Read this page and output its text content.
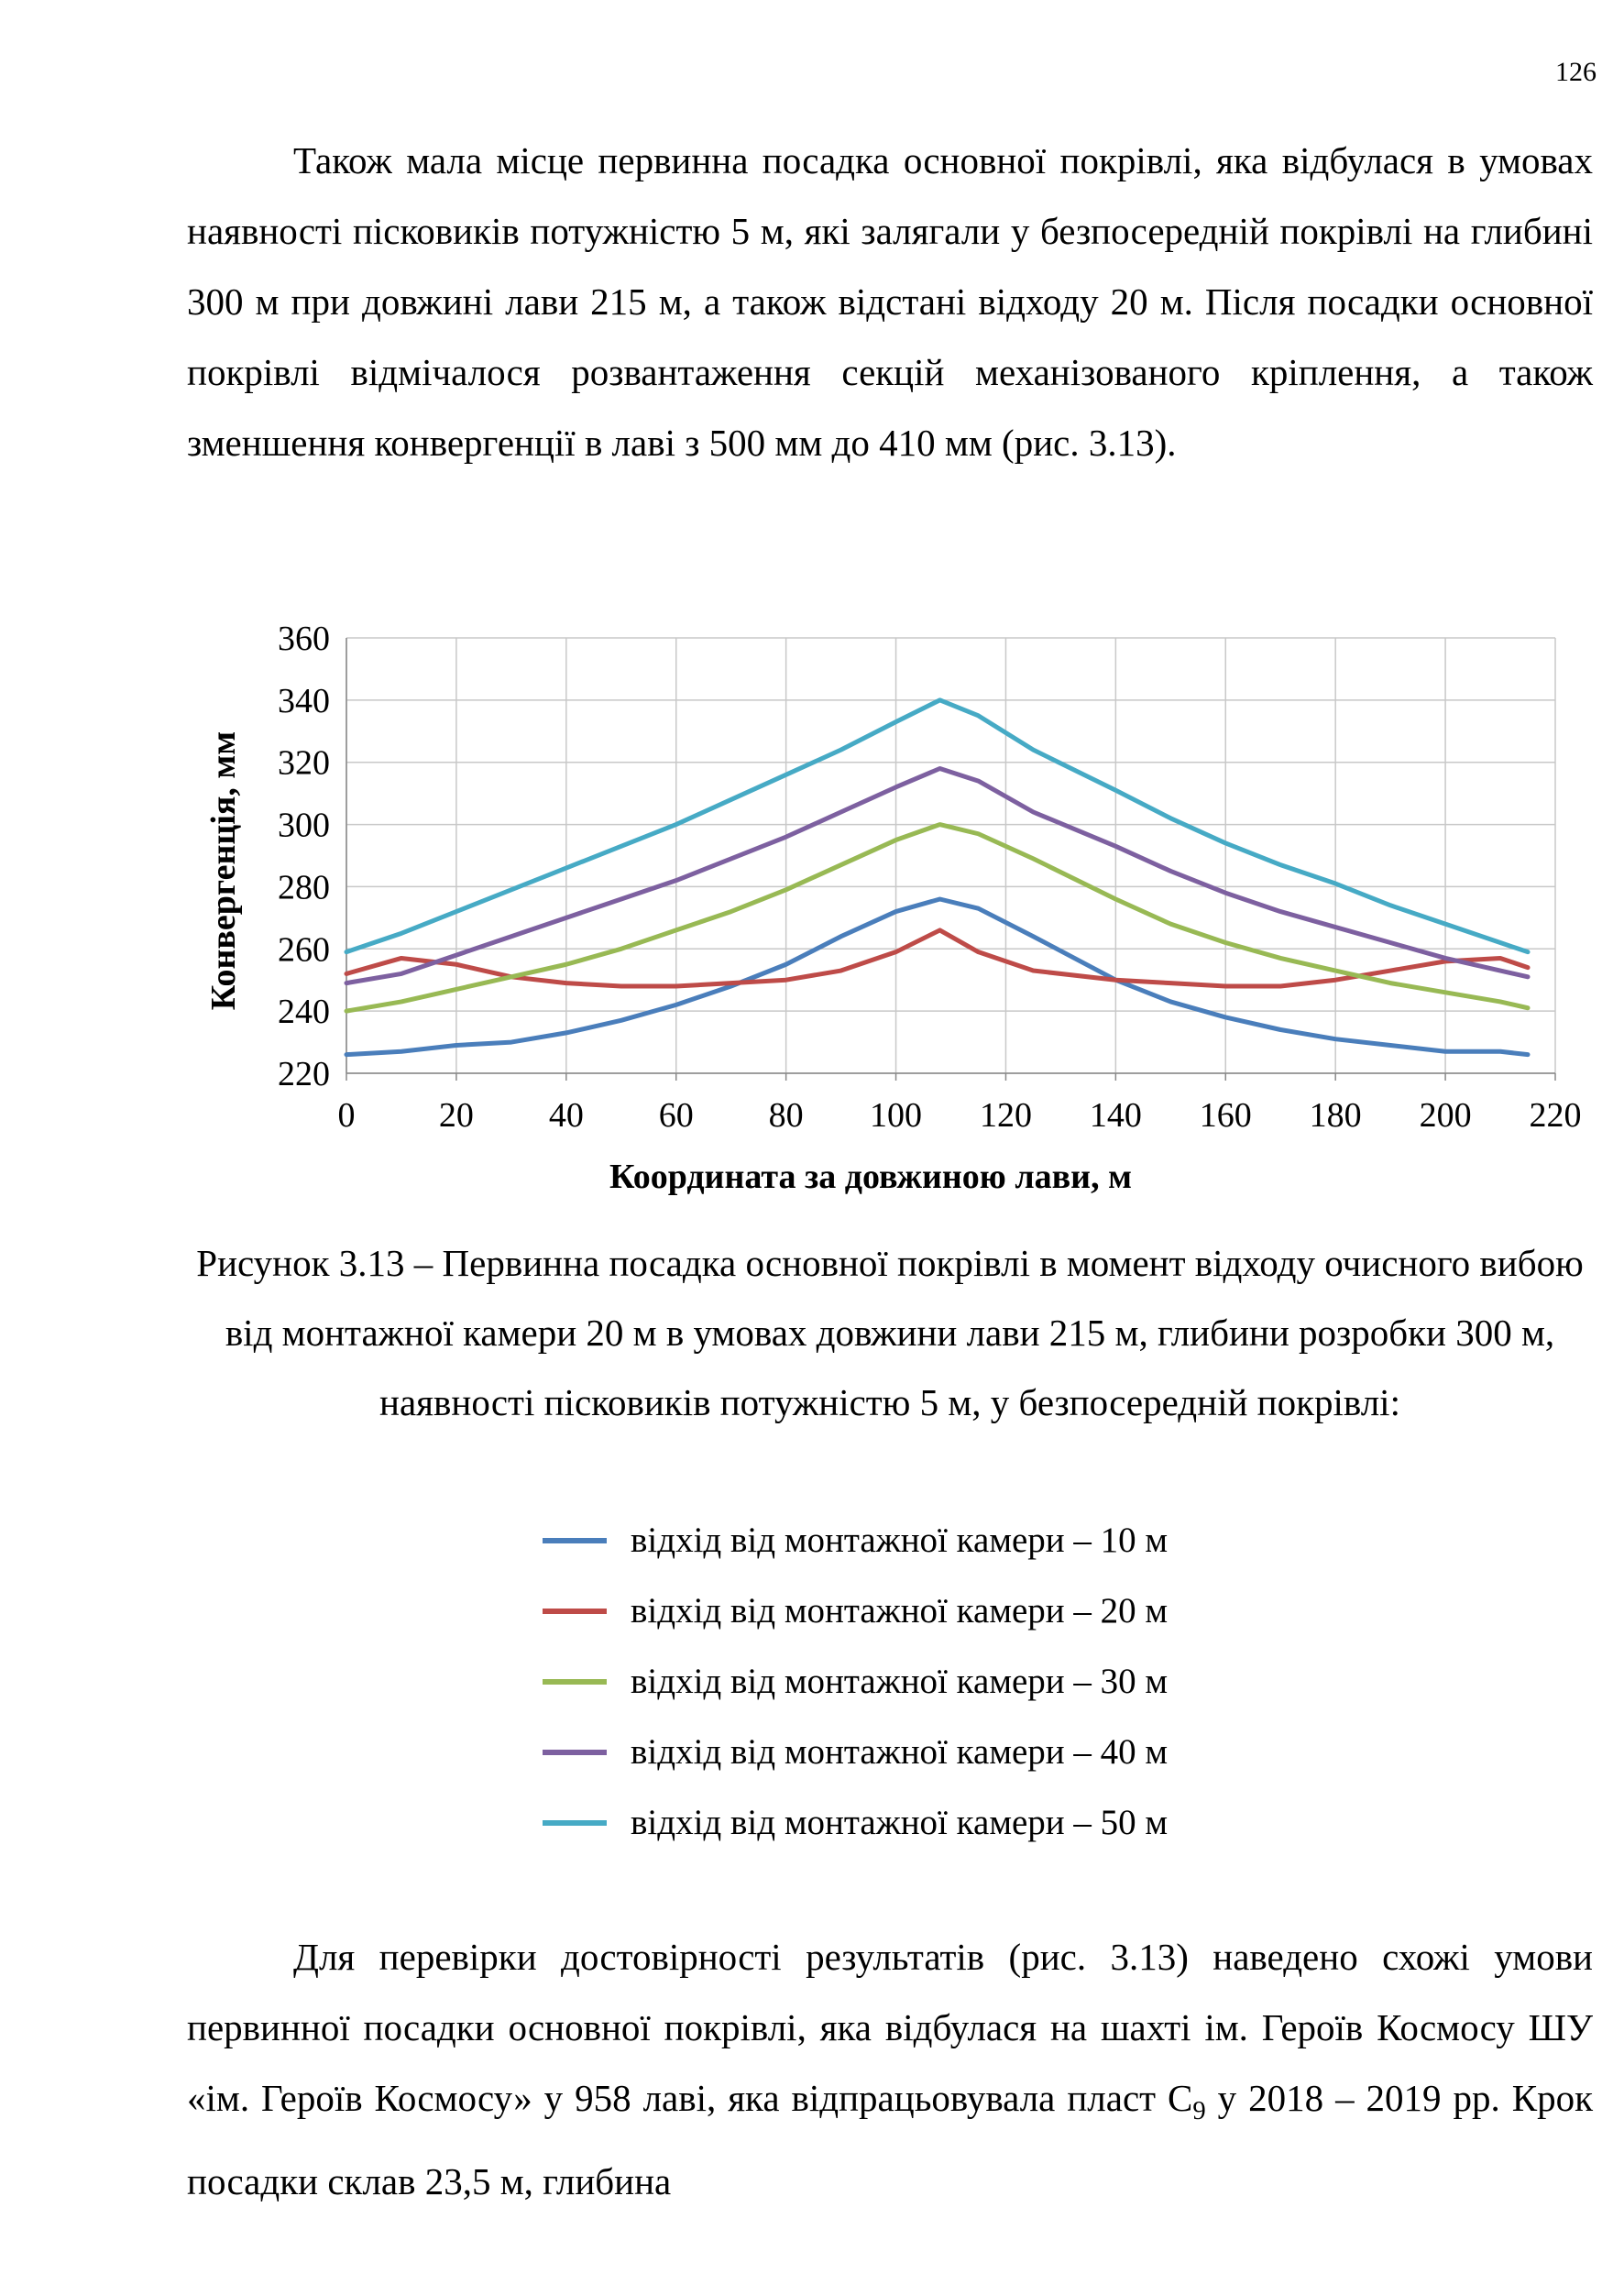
126

Також мала місце первинна посадка основної покрівлі, яка відбулася в умовах наявності пісковиків потужністю 5 м, які залягали у безпосередній покрівлі на глибині 300 м при довжині лави 215 м, а також відстані відходу 20 м. Після посадки основної покрівлі відмічалося розвантаження секцій механізованого кріплення, а також зменшення конвергенції в лаві з 500 мм до 410 мм (рис. 3.13).

220
240
260
280
300
320
340
360
0 20 40 60 80 100 120 140 160 180 200 220
Координата за довжиною лави, м
Конвергенція, мм

Рисунок 3.13 – Первинна посадка основної покрівлі в момент відходу очисного вибою від монтажної камери 20 м в умовах довжини лави 215 м, глибини розробки 300 м, наявності пісковиків потужністю 5 м, у безпосередній покрівлі:

відхід від монтажної камери – 10 м
відхід від монтажної камери – 20 м
відхід від монтажної камери – 30 м
відхід від монтажної камери – 40 м
відхід від монтажної камери – 50 м

Для перевірки достовірності результатів (рис. 3.13) наведено схожі умови первинної посадки основної покрівлі, яка відбулася на шахті ім. Героїв Космосу ШУ «ім. Героїв Космосу» у 958 лаві, яка відпрацьовувала пласт $С_9$ у 2018 – 2019 рр. Крок посадки склав 23,5 м, глибина
